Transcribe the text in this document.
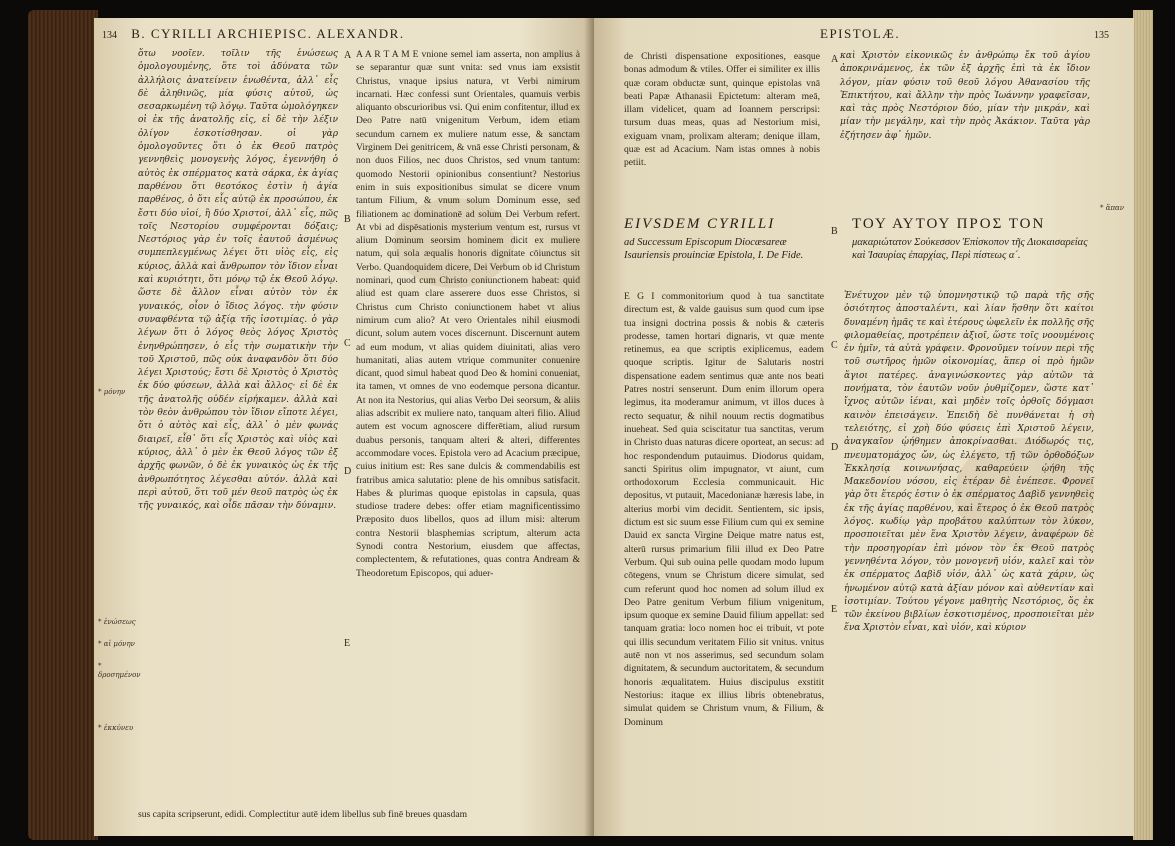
134 B. CYRILLI ARCHIEPISC. ALEXANDR.
ὅτω νοοῖεν. τοῖλιν τῆς ἑνώσεως ὁμολογουμένης, ὅτε τοὶ ἀδύνατα τῶν ἀλλήλοις ἀνατείνειν ἑνωθέντα, ἀλλ᾽ εἷς δὲ ἀληθινῶς, μία φύσις αὐτοῦ, ὡς σεσαρκωμένη τῷ λόγῳ. Ταῦτα ὡμολόγηκεν οἱ ἐκ τῆς ἀνατολῆς εἰς, εἰ δὲ τὴν λέξιν ὀλίγον ἐσκοτίσθησαν. οἱ γὰρ ὁμολογοῦντες ὅτι ὁ ἐκ Θεοῦ πατρὸς γεννηθεὶς μονογενὴς λόγος, ἐγεννήθη ὁ αὐτὸς ἐκ σπέρματος κατὰ σάρκα, ἐκ ἀγίας παρθένου ὅτι θεοτόκος ἐστὶν ἡ ἁγία παρθένος, ὁ ὅτι εἷς αὐτῷ ἐκ προσώπου, ἐκ ἔστι δύο υἱοί, ἢ δύο Χριστοί, ἀλλ᾽ εἷς, πῶς τοῖς Νεστορίου συμφέρονται δόξαις; Νεστόριος γὰρ ἐν τοῖς ἑαυτοῦ ἀσμένως συμπεπλεγμένως λέγει ὅτι υἱὸς εἷς, εἰς κύριος, ἀλλὰ καὶ ἄνθρωπον τὸν ἴδιον εἶναι καὶ κυριότητι, ὅτι μόνῳ τῷ ἐκ Θεοῦ λόγῳ. ὥστε δὲ ἄλλον εἶναι αὐτὸν τὸν ἐκ γυναικός, οἷον ὁ ἴδιος λόγος. τὴν φύσιν συναφθέντα τῷ ἀξίᾳ τῆς ἰσοτιμίας. ὁ γὰρ λέγων ὅτι ὁ λόγος θεὸς λόγος Χριστὸς ἐνηνθρώπησεν, ὁ εἷς τὴν σωματικὴν τὴν τοῦ Χριστοῦ, πῶς οὐκ ἀναφανδὸν ὅτι δύο λέγει Χριστούς; ἔστι δὲ Χριστὸς ὁ Χριστὸς ἐκ δύο φύσεων, ἀλλὰ καὶ ἄλλος· εἰ δὲ ἐκ τῆς ἀνατολῆς οὐδέν εἰρήκαμεν. ἀλλὰ καὶ τὸν θεὸν ἀνθρώπου τὸν ἴδιον εἴποτε λέγει, ὅτι ὁ αὐτὸς καὶ εἷς, ἀλλ᾽ ὁ μὲν φωνάς διαιρεῖ, εἶθ᾽ ὅτι εἷς Χριστὸς καὶ υἱὸς καὶ κύριος, ἀλλ᾽ ὁ μὲν ἐκ Θεοῦ λόγος τῶν ἐξ ἀρχῆς φωνῶν, ὁ δὲ ἐκ γυναικὸς ὡς ἐκ τῆς ἀνθρωπότητος λέγεσθαι αὐτόν. ἀλλὰ καὶ περὶ αὐτοῦ, ὅτι τοῦ μέν θεοῦ πατρὸς ὡς ἐκ τῆς γυναικός, καὶ οἶδε πᾶσαν τὴν δύναμιν.
A A R T A M E vnione semel iam asserta, non amplius à se separantur quæ sunt vnita: sed vnus iam exsistit Christus, vnaque ipsius natura, vt Verbi nimirum incarnati. Hæc confessi sunt Orientales, quamuis verbis aliquanto obscurioribus vsi. Qui enim confitentur, illud ex Deo Patre natū vnigenitum Verbum, idem etiam secundum carnem ex muliere natum esse, & sanctam Virginem Dei genitricem, & vnā esse Christi personam, & non duos Filios, nec duos Christos, sed vnum tantum: quomodo Nestorii opinionibus consentiunt? Nestorius enim in suis expositionibus simulat se dicere vnum tantum Filium, & vnum solum Dominum esse, sed filiationem ac dominationē ad solum Dei Verbum refert. At vbi ad dispēsationis mysterium ventum est, rursus vt alium Dominum seorsim hominem dicit ex muliere natum, qui sola æqualis honoris dignitate cōiunctus sit Verbo. Quandoquidem dicere, Dei Verbum ob id Christum nominari, quod cum Christo coniunctionem habeat: quid aliud est quam clare asserere duos esse Christos, si Christus cum Christo coniunctionem habet vt alius nimirum cum alio? At vero Orientales nihil eiusmodi dicunt, solum autem voces discernunt. Discernunt autem ad eum modum, vt alias quidem diuinitati, alias vero humanitati, alias autem vtrique communiter conuenire dicant, quod simul habeat quod Deo & homini conueniat, ita tamen, vt omnes de vno eodemque persona dicantur. At non ita Nestorius, qui alias Verbo Dei seorsum, & aliis alias adscribit ex muliere nato, tanquam alteri filio. Aliud autem est vocum agnoscere differētiam, aliud rursum duabus personis, tanquam alteri & alteri, differentes accommodare voces. Epistola vero ad Acacium præcipue, cuius initium est: Res sane dulcis & commendabilis est fratribus amica salutatio: plene de his omnibus satisfacit. Habes & plurimas quoque epistolas in capsula, quas studiose tradere debes: offer etiam magnificentissimo Præposito duos libellos, quos ad illum misi: alterum contra Nestorii blasphemias scriptum, alterum acta Synodi contra Nestorium, eiusdem que affectas, complectentem, & refutationes, quas contra Andream & Theodoretum Episcopos, qui aduer-
A
B
C
D
E
* μόνην
* ἐνώσεως
* αἱ μόνην
* δροσημένον
* ἐκκύνευ
sus capita scripserunt, edidi. Complectitur autē idem libellus sub finē breues quasdam
EPISTOLÆ.	135
de Christi dispensatione expositiones, easque bonas admodum & vtiles. Offer ei similiter ex illis quæ coram obductæ sunt, quinque epistolas vnā beati Papæ Athanasii Epictetum: alteram meā, illam videlicet, quam ad Ioannem perscripsi: tursum duas meas, quas ad Nestorium misi, exiguam vnam, prolixam alteram; denique illam, quæ est ad Acacium. Nam istas omnes à nobis petiit.
καὶ Χριστὸν εἰκονικῶς ἐν ἀνθρώπῳ ἔκ τοῦ ἁγίου ἀποκρινάμενος, ἐκ τῶν ἐξ ἀρχῆς ἐπὶ τὰ ἐκ ἴδιον λόγον, μίαν φύσιν τοῦ θεοῦ λόγου Ἀθανασίου τῆς Ἐπικτήτου, καὶ ἄλλην τὴν πρὸς Ἰωάννην γραφεῖσαν, καὶ τὰς πρὸς Νεστόριον δύο, μίαν τὴν μικράν, καὶ μίαν τὴν μεγάλην, καὶ τὴν πρὸς Ἀκάκιον. Ταῦτα γὰρ ἐζήτησεν ἀφ᾽ ἡμῶν.
EIVSDEM CYRILLI	ΤΟΥ ΑΥΤΟΥ ΠΡΟΣ ΤΟΝ
ad Successum Episcopum Diocæsareæ Isauriensis prouinciæ Epistola, I. De Fide.
μακαριώτατον Σούκεσσον Ἐπίσκοπον τῆς Διοκαισαρείας καὶ Ἰσαυρίας ἐπαρχίας, Περὶ πίστεως α´.
E G I commonitorium quod à tua sanctitate directum est, & valde gauisus sum quod cum ipse tua insigni doctrina possis & nobis & cæteris prodesse, tamen hortari dignaris, vt quæ mente retinemus, ea que scriptis exiplicemus, eadem quoque scriptis. Igitur de Salutaris nostri dispensatione eadem sentimus quæ ante nos beati Patres nostri senserunt. Dum enim illorum opera legimus, ita moderamur animum, vt illos duces à recto sequatur, & nihil nouum rectis dogmatibus inueheat. Sed quia sciscitatur tua sanctitas, verum in Christo duas naturas dicere oporteat, an secus: ad hoc respondendum putauimus. Diodorus quidam, sancti Spiritus olim impugnator, vt aiunt, cum orthodoxorum Ecclesia communicauit. Hic depositus, vt putauit, Macedonianæ hæresis labe, in alterius morbi vim decidit. Sentientem, sic ipsis, dictum est sic suum esse Filium cum qui ex semine Dauid ex sancta Virgine Deique matre natus est, alterū rursus primarium filii illud ex Deo Patre Verbum. Qui sub ouina pelle quodam modo lupum cōtegens, vnum se Christum dicere simulat, sed cum referunt quod hoc nomen ad solum illud ex Deo Patre genitum Verbum filium vnigenitum, ipsum quoque ex semine Dauid filium appellat: sed tanquam gratia: loco nomen hoc ei tribuit, vt pote qui illis secundum veritatem Filio sit vnitus. vnitus autē non vt nos asserimus, sed secundum solam dignitatem, & secundum auctoritatem, & secundum honoris æqualitatem. Huius discipulus exstitit Nestorius: itaque ex illius libris obtenebratus, simulat quidem se Christum vnum, & Filium, & Dominum
Ἐνέτυχον μὲν τῷ ὑπομνηστικῷ τῷ παρὰ τῆς σῆς ὁσιότητος ἀποσταλέντι, καὶ λίαν ἥσθην ὅτι καίτοι δυναμένη ἡμᾶς τε καὶ ἑτέρους ὠφελεῖν ἐκ πολλῆς σῆς φιλομαθείας, προτρέπειν ἀξιοῖ, ὥστε τοῖς νοουμένοις ἐν ἡμῖν, τὰ αὐτὰ γράφειν. Φρονοῦμεν τοίνυν περὶ τῆς τοῦ σωτῆρος ἡμῶν οἰκονομίας, ἅπερ οἱ πρὸ ἡμῶν ἅγιοι πατέρες. ἀναγινώσκοντες γὰρ αὐτῶν τὰ πονήματα, τὸν ἑαυτῶν νοῦν ῥυθμίζομεν, ὥστε κατ᾽ ἴχνος αὐτῶν ἰέναι, καὶ μηδὲν τοῖς ὀρθοῖς δόγμασι καινὸν ἐπεισάγειν. Ἐπειδὴ δὲ πυνθάνεται ἡ σὴ τελειότης, εἰ χρὴ δύο φύσεις ἐπὶ Χριστοῦ λέγειν, ἀναγκαῖον ᾠήθημεν ἀποκρίνασθαι. Διόδωρός τις, πνευματομάχος ὤν, ὡς ἐλέγετο, τῇ τῶν ὀρθοδόξων Ἐκκλησίᾳ κοινωνήσας, καθαρεύειν ᾠήθη τῆς Μακεδονίου νόσου, εἰς ἑτέραν δὲ ἐνέπεσε. Φρονεῖ γὰρ ὅτι ἕτερός ἐστιν ὁ ἐκ σπέρματος Δαβὶδ γεννηθεὶς ἐκ τῆς ἁγίας παρθένου, καὶ ἕτερος ὁ ἐκ Θεοῦ πατρὸς λόγος. κωδίῳ γὰρ προβάτου καλύπτων τὸν λύκον, προσποιεῖται μὲν ἕνα Χριστὸν λέγειν, ἀναφέρων δὲ τὴν προσηγορίαν ἐπὶ μόνον τὸν ἐκ Θεοῦ πατρὸς γεννηθέντα λόγον, τὸν μονογενῆ υἱόν, καλεῖ καὶ τὸν ἐκ σπέρματος Δαβὶδ υἱόν, ἀλλ᾽ ὡς κατὰ χάριν, ὡς ἡνωμένον αὐτῷ κατὰ ἀξίαν μόνον καὶ αὐθεντίαν καὶ ἰσοτιμίαν. Τούτου γέγονε μαθητὴς Νεστόριος, ὅς ἐκ τῶν ἐκείνου βιβλίων ἐσκοτισμένος, προσποιεῖται μὲν ἕνα Χριστὸν εἶναι, καὶ υἱόν, καὶ κύριον
A
B
C
D
E
* ἅπαν
